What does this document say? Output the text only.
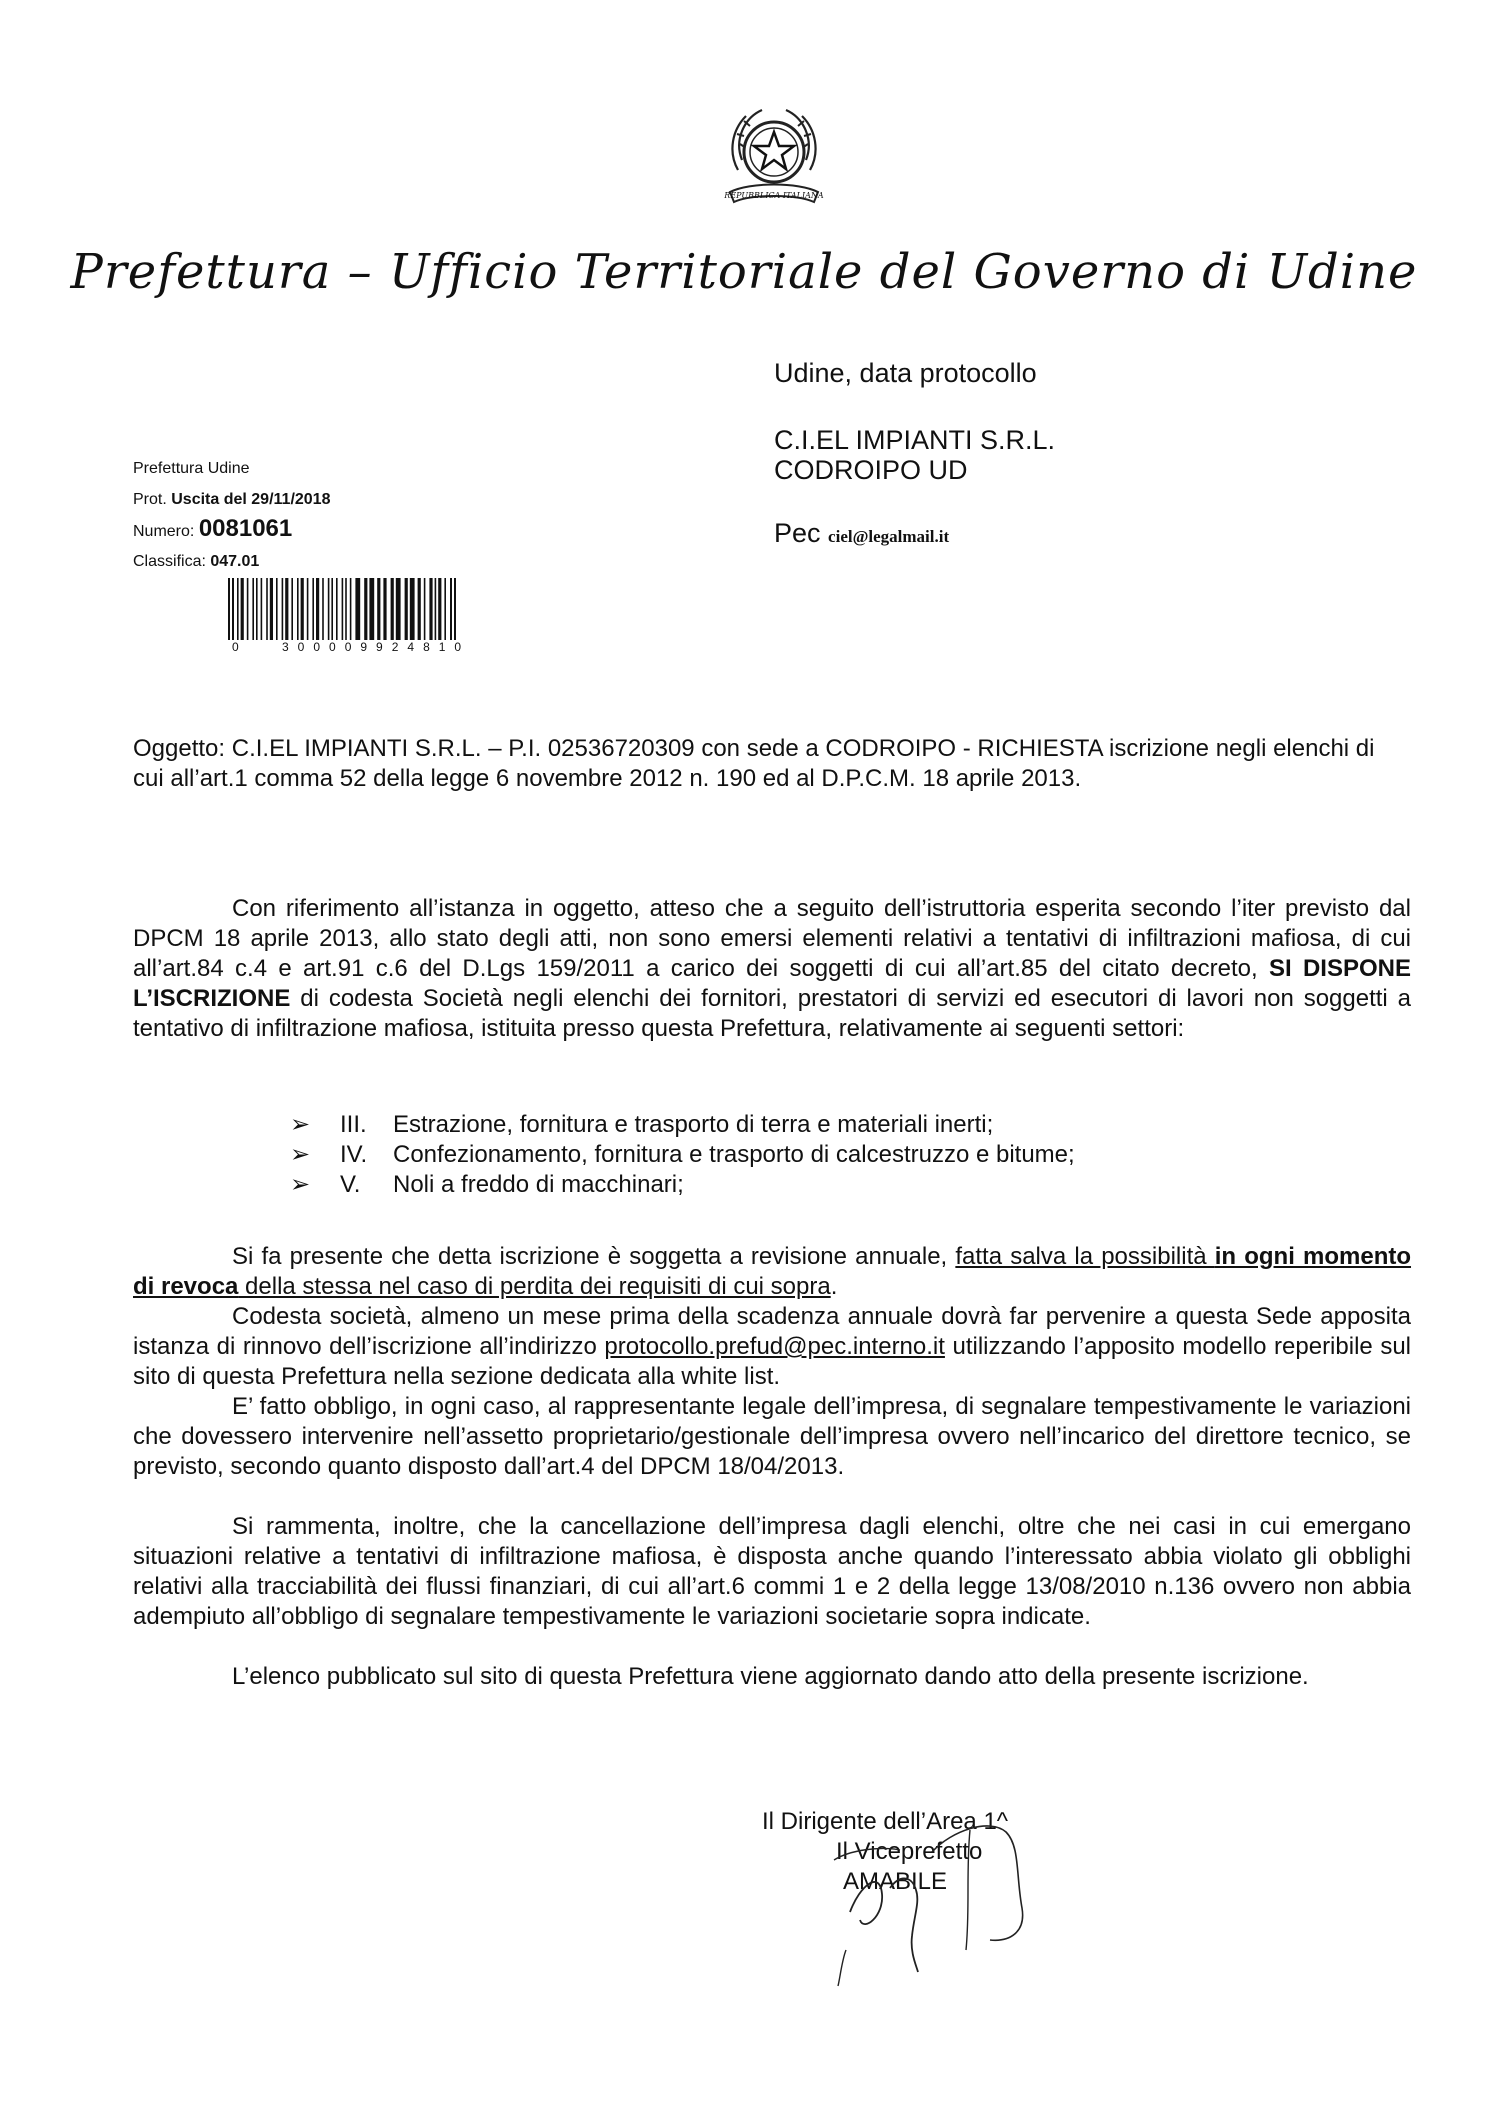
REPUBBLICA ITALIANA
Prefettura – Ufficio Territoriale del Governo di Udine
Udine, data protocollo
C.I.EL IMPIANTI S.R.L.
CODROIPO UD
Pec ciel@legalmail.it
Prefettura Udine
Prot. Uscita del 29/11/2018
Numero: 0081061
Classifica: 047.01
0	300009924810
Oggetto: C.I.EL IMPIANTI S.R.L. – P.I. 02536720309 con sede a CODROIPO - RICHIESTA iscrizione negli elenchi di cui all’art.1 comma 52 della legge 6 novembre 2012 n. 190 ed al D.P.C.M. 18 aprile 2013.
Con riferimento all’istanza in oggetto, atteso che a seguito dell’istruttoria esperita secondo l’iter previsto dal DPCM 18 aprile 2013, allo stato degli atti, non sono emersi elementi relativi a tentativi di infiltrazioni mafiosa, di cui all’art.84 c.4 e art.91 c.6 del D.Lgs 159/2011 a carico dei soggetti di cui all’art.85 del citato decreto, SI DISPONE L’ISCRIZIONE di codesta Società negli elenchi dei fornitori, prestatori di servizi ed esecutori di lavori non soggetti a tentativo di infiltrazione mafiosa, istituita presso questa Prefettura, relativamente ai seguenti settori:
➢ III. Estrazione, fornitura e trasporto di terra e materiali inerti;
➢ IV. Confezionamento, fornitura e trasporto di calcestruzzo e bitume;
➢ V. Noli a freddo di macchinari;
Si fa presente che detta iscrizione è soggetta a revisione annuale, fatta salva la possibilità in ogni momento di revoca della stessa nel caso di perdita dei requisiti di cui sopra.
Codesta società, almeno un mese prima della scadenza annuale dovrà far pervenire a questa Sede apposita istanza di rinnovo dell’iscrizione all’indirizzo protocollo.prefud@pec.interno.it utilizzando l’apposito modello reperibile sul sito di questa Prefettura nella sezione dedicata alla white list.
E’ fatto obbligo, in ogni caso, al rappresentante legale dell’impresa, di segnalare tempestivamente le variazioni che dovessero intervenire nell’assetto proprietario/gestionale dell’impresa ovvero nell’incarico del direttore tecnico, se previsto, secondo quanto disposto dall’art.4 del DPCM 18/04/2013.
Si rammenta, inoltre, che la cancellazione dell’impresa dagli elenchi, oltre che nei casi in cui emergano situazioni relative a tentativi di infiltrazione mafiosa, è disposta anche quando l’interessato abbia violato gli obblighi relativi alla tracciabilità dei flussi finanziari, di cui all’art.6 commi 1 e 2 della legge 13/08/2010 n.136 ovvero non abbia adempiuto all’obbligo di segnalare tempestivamente le variazioni societarie sopra indicate.
L’elenco pubblicato sul sito di questa Prefettura viene aggiornato dando atto della presente iscrizione.
Il Dirigente dell’Area 1^
Il Viceprefetto
AMABILE
